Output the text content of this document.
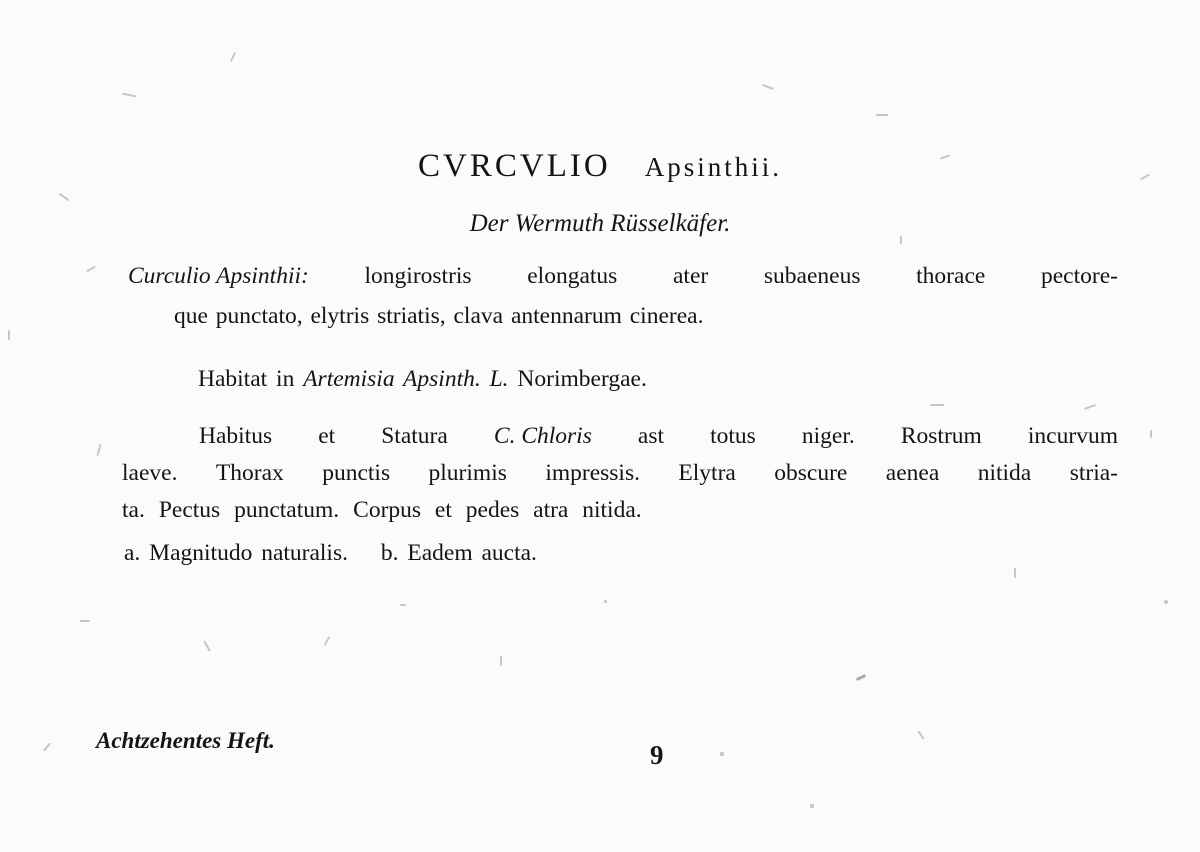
CVRCVLIO Apsinthii.
Der Wermuth Rüsselkäfer.
Curculio Apsinthii: longirostris elongatus ater subaeneus thorace pectore-
que punctato, elytris striatis, clava antennarum cinerea.
Habitat in Artemisia Apsinth. L. Norimbergae.
Habitus et Statura C. Chloris ast totus niger. Rostrum incurvum
laeve. Thorax punctis plurimis impressis. Elytra obscure aenea nitida stria-
ta. Pectus punctatum. Corpus et pedes atra nitida.
a. Magnitudo naturalis. b. Eadem aucta.
Achtzehentes Heft.	9
